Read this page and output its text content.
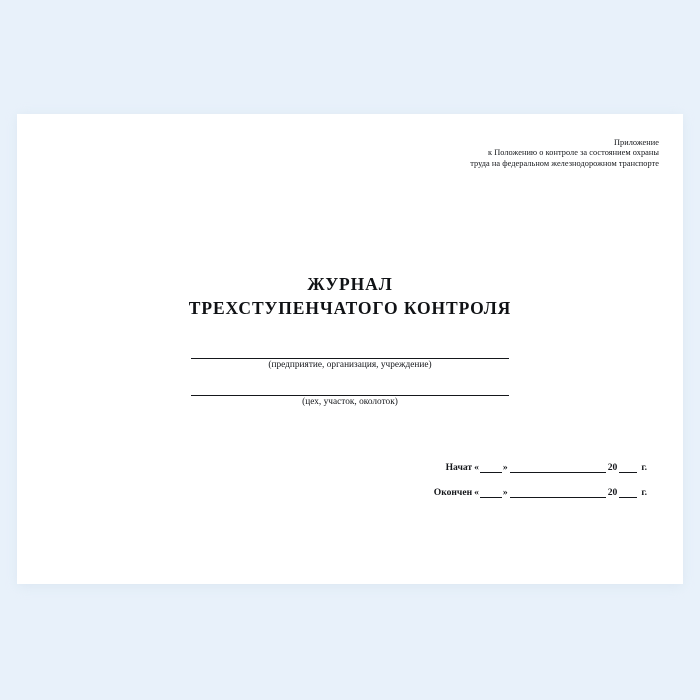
Приложение
к Положению о контроле за состоянием охраны
труда на федеральном железнодорожном транспорте
ЖУРНАЛ
ТРЕХСТУПЕНЧАТОГО КОНТРОЛЯ
(предприятие, организация, учреждение)
(цех, участок, околоток)
Начат «	»	20	г.
Окончен «	»	20	г.
